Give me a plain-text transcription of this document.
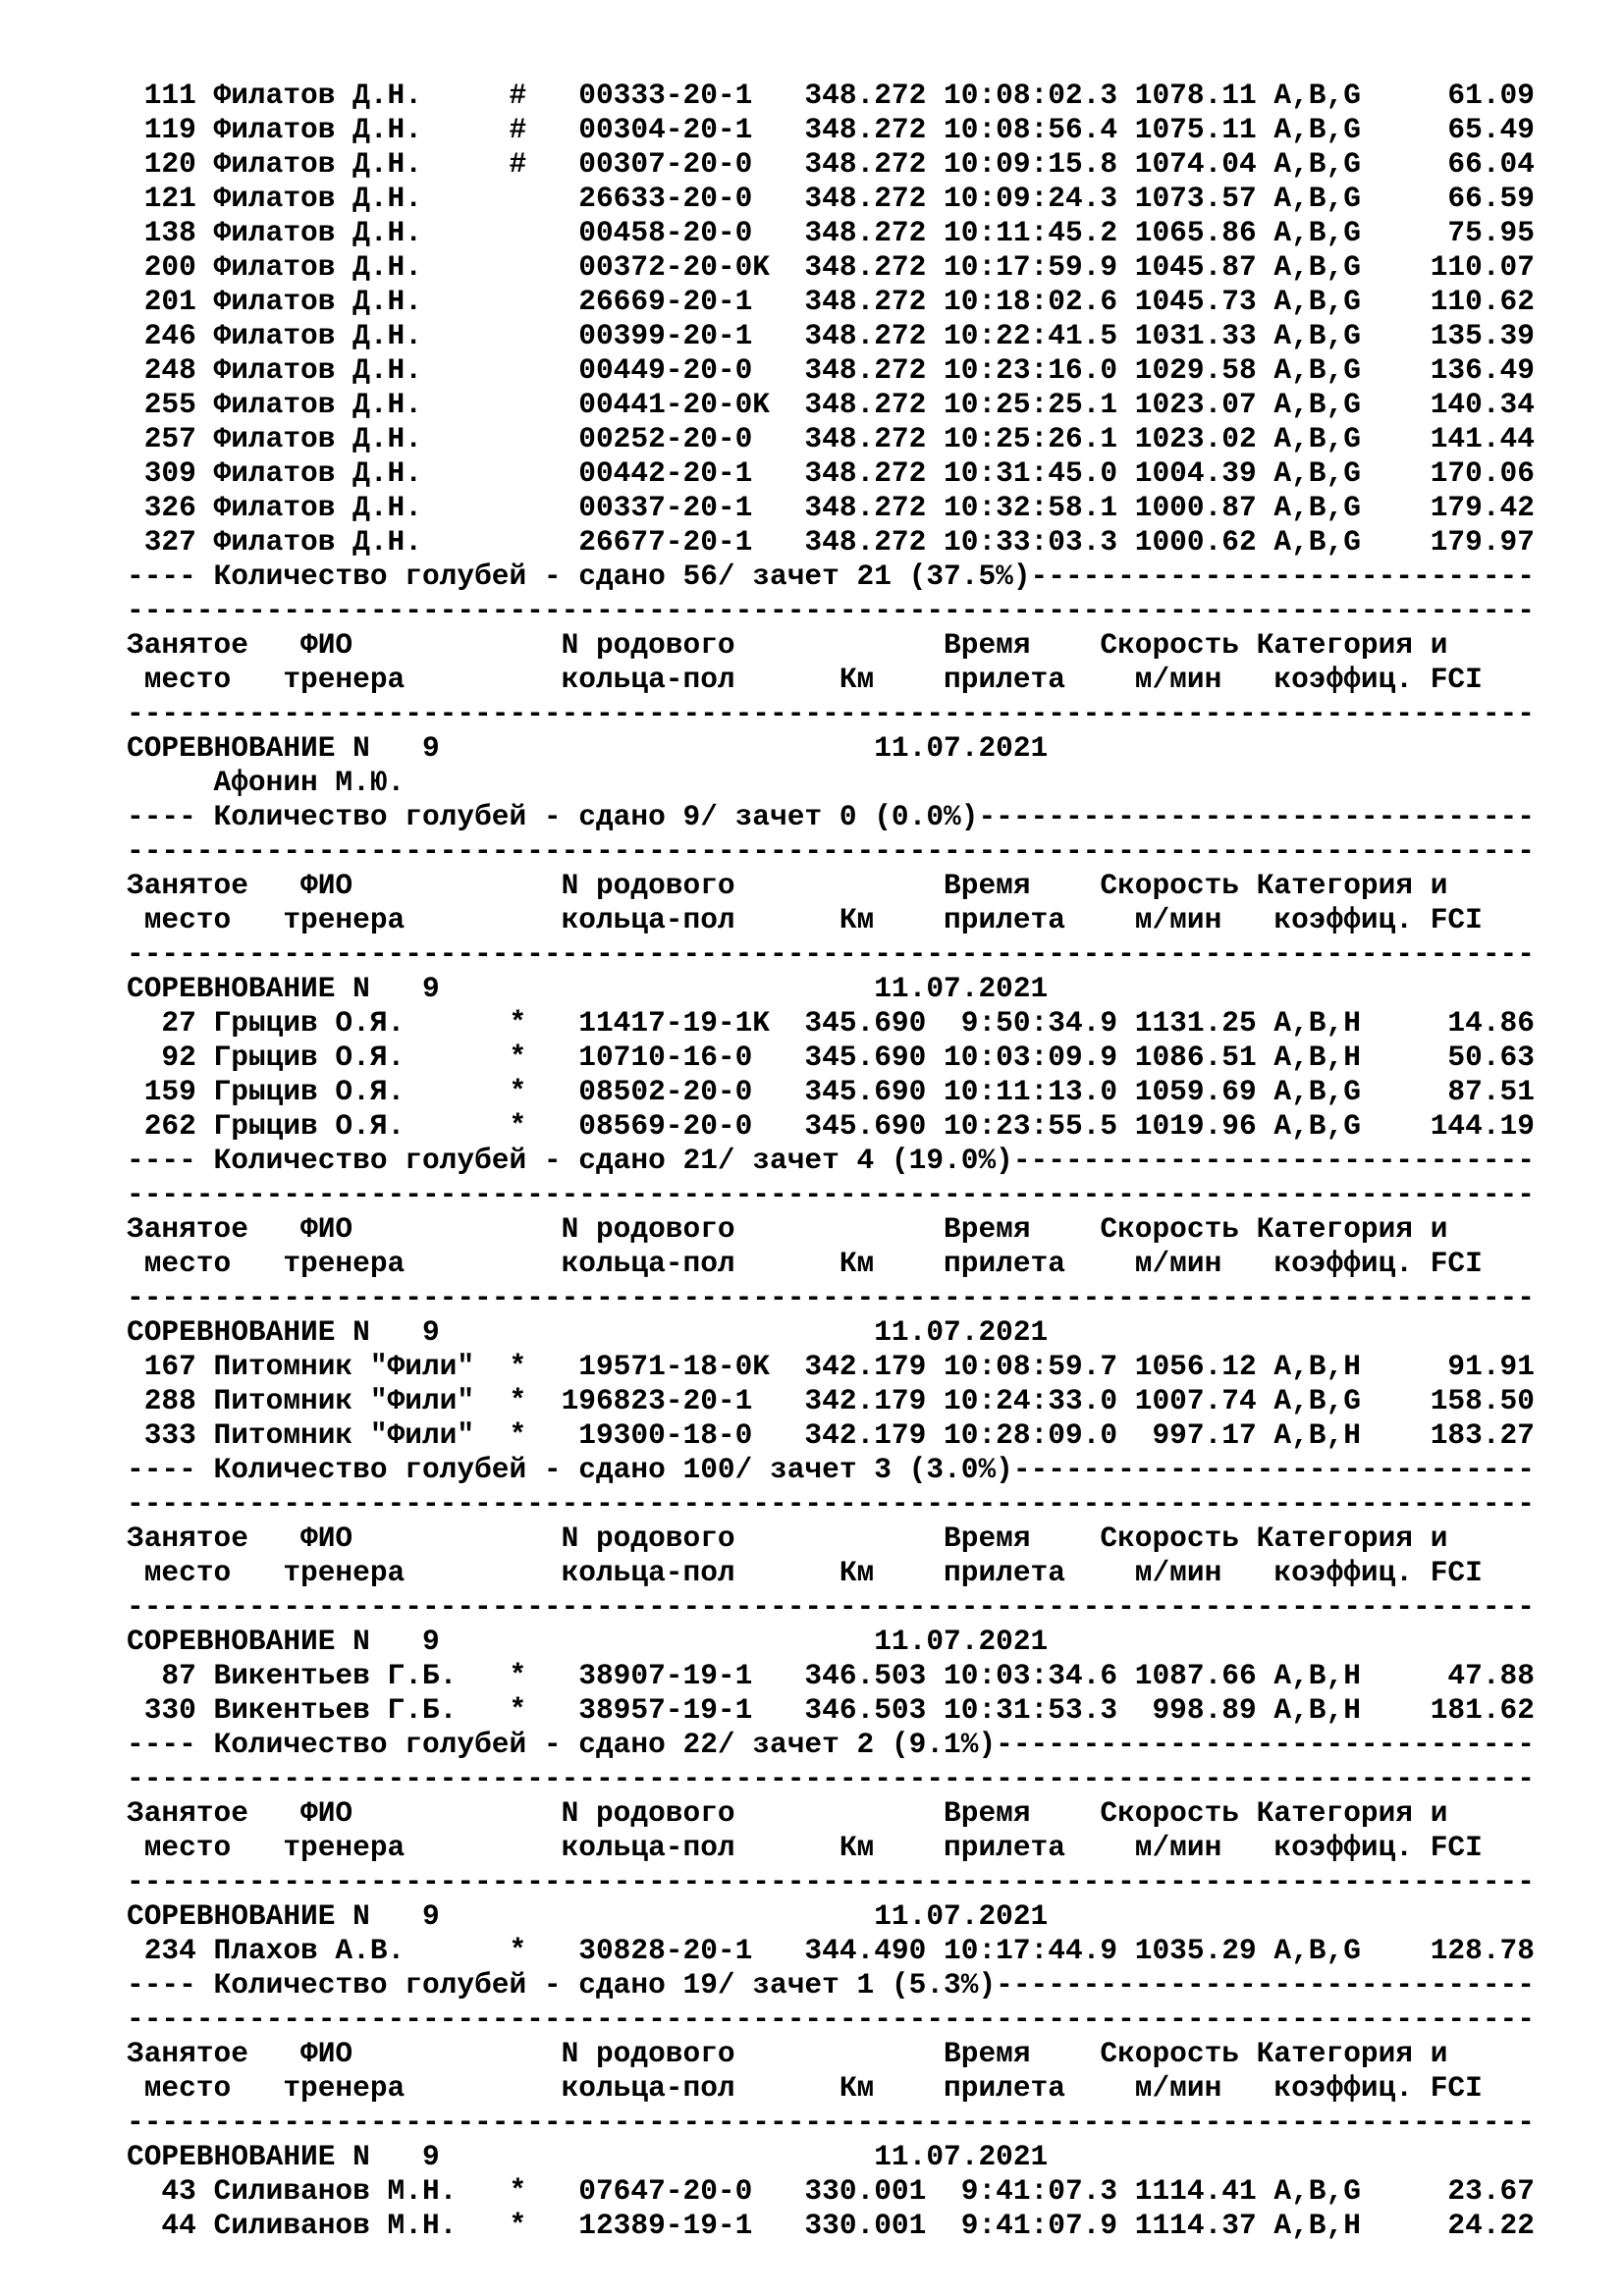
111 Филатов Д.Н.     #   00333-20-1   348.272 10:08:02.3 1078.11 A,B,G     61.09
119 Филатов Д.Н.     #   00304-20-1   348.272 10:08:56.4 1075.11 A,B,G     65.49
120 Филатов Д.Н.     #   00307-20-0   348.272 10:09:15.8 1074.04 A,B,G     66.04
121 Филатов Д.Н.         26633-20-0   348.272 10:09:24.3 1073.57 A,B,G     66.59
138 Филатов Д.Н.         00458-20-0   348.272 10:11:45.2 1065.86 A,B,G     75.95
200 Филатов Д.Н.         00372-20-0K  348.272 10:17:59.9 1045.87 A,B,G    110.07
201 Филатов Д.Н.         26669-20-1   348.272 10:18:02.6 1045.73 A,B,G    110.62
246 Филатов Д.Н.         00399-20-1   348.272 10:22:41.5 1031.33 A,B,G    135.39
248 Филатов Д.Н.         00449-20-0   348.272 10:23:16.0 1029.58 A,B,G    136.49
255 Филатов Д.Н.         00441-20-0K  348.272 10:25:25.1 1023.07 A,B,G    140.34
257 Филатов Д.Н.         00252-20-0   348.272 10:25:26.1 1023.02 A,B,G    141.44
309 Филатов Д.Н.         00442-20-1   348.272 10:31:45.0 1004.39 A,B,G    170.06
326 Филатов Д.Н.         00337-20-1   348.272 10:32:58.1 1000.87 A,B,G    179.42
327 Филатов Д.Н.         26677-20-1   348.272 10:33:03.3 1000.62 A,B,G    179.97
---- Количество голубей - сдано 56/ зачет 21 (37.5%)-----------------------------
---------------------------------------------------------------------------------
Занятое   ФИО            N родового            Время    Скорость Категория и
место   тренера         кольца-пол      Км    прилета    м/мин   коэффиц. FCI
---------------------------------------------------------------------------------
СОРЕВНОВАНИЕ N   9                         11.07.2021
Афонин М.Ю.
---- Количество голубей - сдано 9/ зачет 0 (0.0%)--------------------------------
---------------------------------------------------------------------------------
Занятое   ФИО            N родового            Время    Скорость Категория и
место   тренера         кольца-пол      Км    прилета    м/мин   коэффиц. FCI
---------------------------------------------------------------------------------
СОРЕВНОВАНИЕ N   9                         11.07.2021
27 Грыцив О.Я.      *   11417-19-1K  345.690  9:50:34.9 1131.25 A,B,H     14.86
92 Грыцив О.Я.      *   10710-16-0   345.690 10:03:09.9 1086.51 A,B,H     50.63
159 Грыцив О.Я.      *   08502-20-0   345.690 10:11:13.0 1059.69 A,B,G     87.51
262 Грыцив О.Я.      *   08569-20-0   345.690 10:23:55.5 1019.96 A,B,G    144.19
---- Количество голубей - сдано 21/ зачет 4 (19.0%)------------------------------
---------------------------------------------------------------------------------
Занятое   ФИО            N родового            Время    Скорость Категория и
место   тренера         кольца-пол      Км    прилета    м/мин   коэффиц. FCI
---------------------------------------------------------------------------------
СОРЕВНОВАНИЕ N   9                         11.07.2021
167 Питомник "Фили"  *   19571-18-0K  342.179 10:08:59.7 1056.12 A,B,H     91.91
288 Питомник "Фили"  *  196823-20-1   342.179 10:24:33.0 1007.74 A,B,G    158.50
333 Питомник "Фили"  *   19300-18-0   342.179 10:28:09.0  997.17 A,B,H    183.27
---- Количество голубей - сдано 100/ зачет 3 (3.0%)------------------------------
---------------------------------------------------------------------------------
Занятое   ФИО            N родового            Время    Скорость Категория и
место   тренера         кольца-пол      Км    прилета    м/мин   коэффиц. FCI
---------------------------------------------------------------------------------
СОРЕВНОВАНИЕ N   9                         11.07.2021
87 Викентьев Г.Б.   *   38907-19-1   346.503 10:03:34.6 1087.66 A,B,H     47.88
330 Викентьев Г.Б.   *   38957-19-1   346.503 10:31:53.3  998.89 A,B,H    181.62
---- Количество голубей - сдано 22/ зачет 2 (9.1%)-------------------------------
---------------------------------------------------------------------------------
Занятое   ФИО            N родового            Время    Скорость Категория и
место   тренера         кольца-пол      Км    прилета    м/мин   коэффиц. FCI
---------------------------------------------------------------------------------
СОРЕВНОВАНИЕ N   9                         11.07.2021
234 Плахов А.В.      *   30828-20-1   344.490 10:17:44.9 1035.29 A,B,G    128.78
---- Количество голубей - сдано 19/ зачет 1 (5.3%)-------------------------------
---------------------------------------------------------------------------------
Занятое   ФИО            N родового            Время    Скорость Категория и
место   тренера         кольца-пол      Км    прилета    м/мин   коэффиц. FCI
---------------------------------------------------------------------------------
СОРЕВНОВАНИЕ N   9                         11.07.2021
43 Силиванов М.Н.   *   07647-20-0   330.001  9:41:07.3 1114.41 A,B,G     23.67
44 Силиванов М.Н.   *   12389-19-1   330.001  9:41:07.9 1114.37 A,B,H     24.22
